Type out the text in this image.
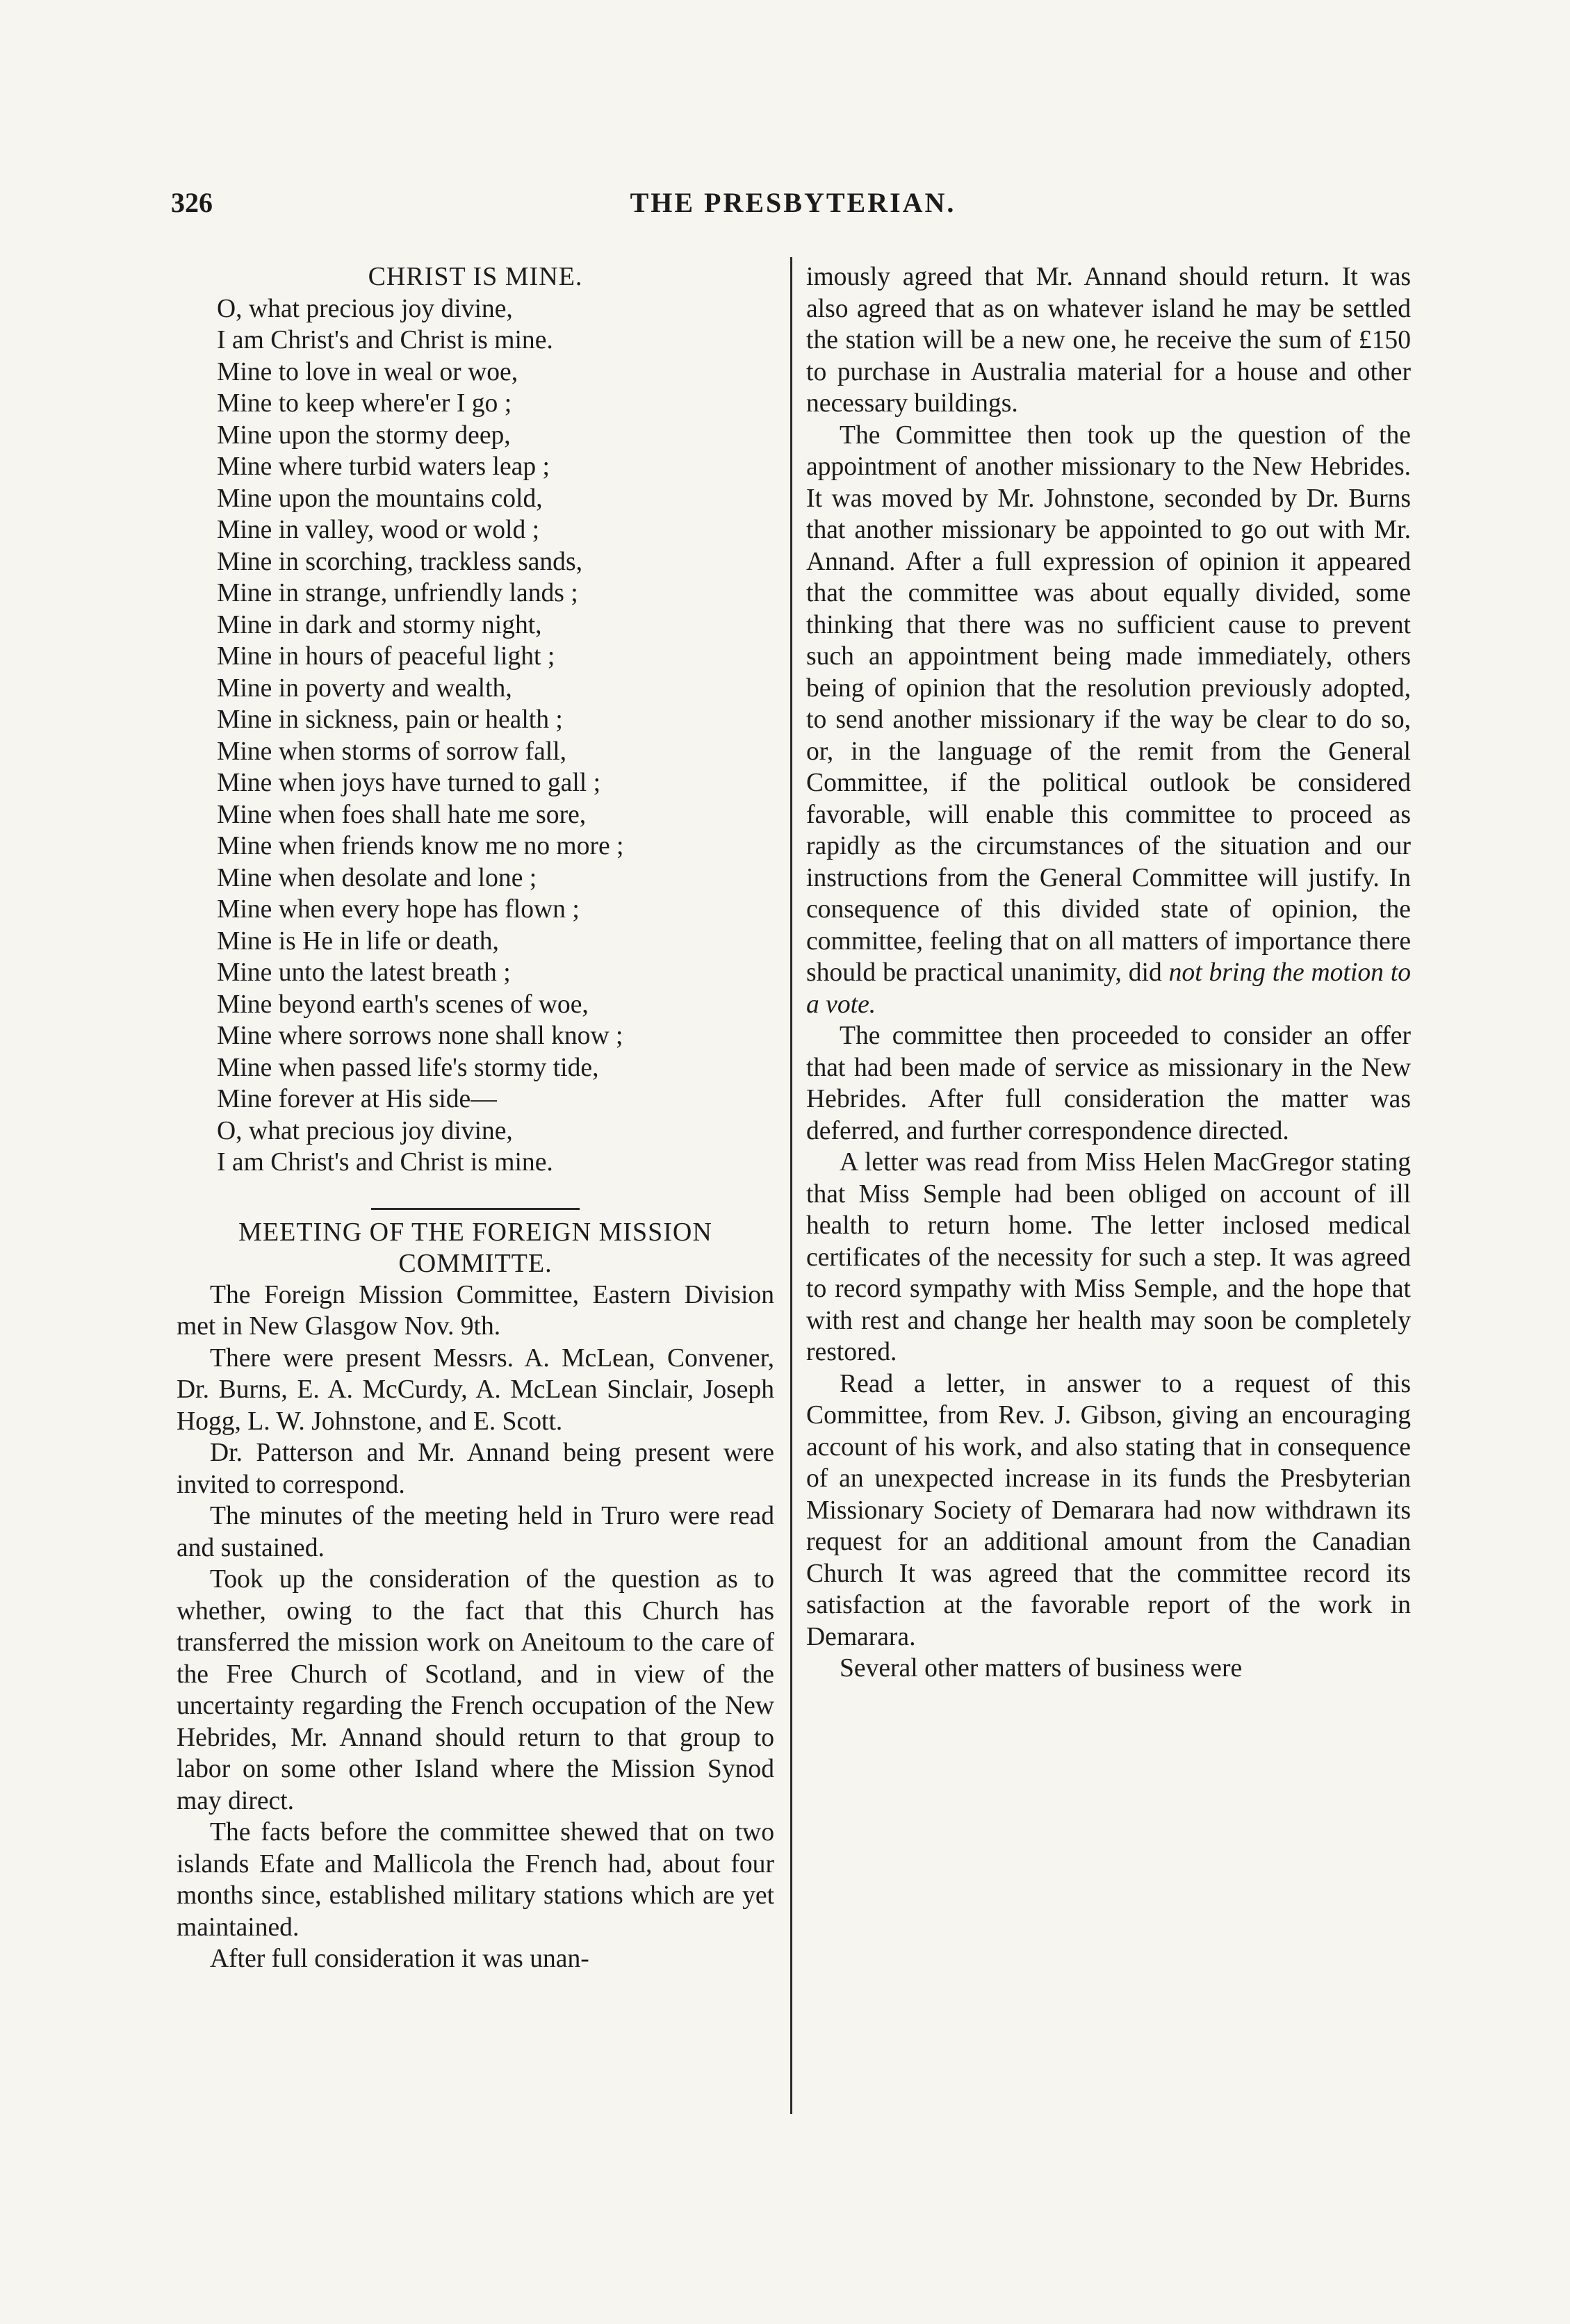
326	THE PRESBYTERIAN.
CHRIST IS MINE.
O, what precious joy divine,
I am Christ's and Christ is mine.
Mine to love in weal or woe,
Mine to keep where'er I go ;
Mine upon the stormy deep,
Mine where turbid waters leap ;
Mine upon the mountains cold,
Mine in valley, wood or wold ;
Mine in scorching, trackless sands,
Mine in strange, unfriendly lands ;
Mine in dark and stormy night,
Mine in hours of peaceful light ;
Mine in poverty and wealth,
Mine in sickness, pain or health ;
Mine when storms of sorrow fall,
Mine when joys have turned to gall ;
Mine when foes shall hate me sore,
Mine when friends know me no more ;
Mine when desolate and lone ;
Mine when every hope has flown ;
Mine is He in life or death,
Mine unto the latest breath ;
Mine beyond earth's scenes of woe,
Mine where sorrows none shall know ;
Mine when passed life's stormy tide,
Mine forever at His side—
O, what precious joy divine,
I am Christ's and Christ is mine.
MEETING OF THE FOREIGN MISSION COMMITTE.

The Foreign Mission Committee, Eastern Division met in New Glasgow Nov. 9th.

There were present Messrs. A. McLean, Convener, Dr. Burns, E. A. McCurdy, A. McLean Sinclair, Joseph Hogg, L. W. Johnstone, and E. Scott.

Dr. Patterson and Mr. Annand being present were invited to correspond.

The minutes of the meeting held in Truro were read and sustained.

Took up the consideration of the question as to whether, owing to the fact that this Church has transferred the mission work on Aneitoum to the care of the Free Church of Scotland, and in view of the uncertainty regarding the French occupation of the New Hebrides, Mr. Annand should return to that group to labor on some other Island where the Mission Synod may direct.

The facts before the committee shewed that on two islands Efate and Mallicola the French had, about four months since, established military stations which are yet maintained.

After full consideration it was unan-

imously agreed that Mr. Annand should return. It was also agreed that as on whatever island he may be settled the station will be a new one, he receive the sum of £150 to purchase in Australia material for a house and other necessary buildings.

The Committee then took up the question of the appointment of another missionary to the New Hebrides. It was moved by Mr. Johnstone, seconded by Dr. Burns that another missionary be appointed to go out with Mr. Annand. After a full expression of opinion it appeared that the committee was about equally divided, some thinking that there was no sufficient cause to prevent such an appointment being made immediately, others being of opinion that the resolution previously adopted, to send another missionary if the way be clear to do so, or, in the language of the remit from the General Committee, if the political outlook be considered favorable, will enable this committee to proceed as rapidly as the circumstances of the situation and our instructions from the General Committee will justify. In consequence of this divided state of opinion, the committee, feeling that on all matters of importance there should be practical unanimity, did not bring the motion to a vote.

The committee then proceeded to consider an offer that had been made of service as missionary in the New Hebrides. After full consideration the matter was deferred, and further correspondence directed.

A letter was read from Miss Helen MacGregor stating that Miss Semple had been obliged on account of ill health to return home. The letter inclosed medical certificates of the necessity for such a step. It was agreed to record sympathy with Miss Semple, and the hope that with rest and change her health may soon be completely restored.

Read a letter, in answer to a request of this Committee, from Rev. J. Gibson, giving an encouraging account of his work, and also stating that in consequence of an unexpected increase in its funds the Presbyterian Missionary Society of Demarara had now withdrawn its request for an additional amount from the Canadian Church It was agreed that the committee record its satisfaction at the favorable report of the work in Demarara.

Several other matters of business were
